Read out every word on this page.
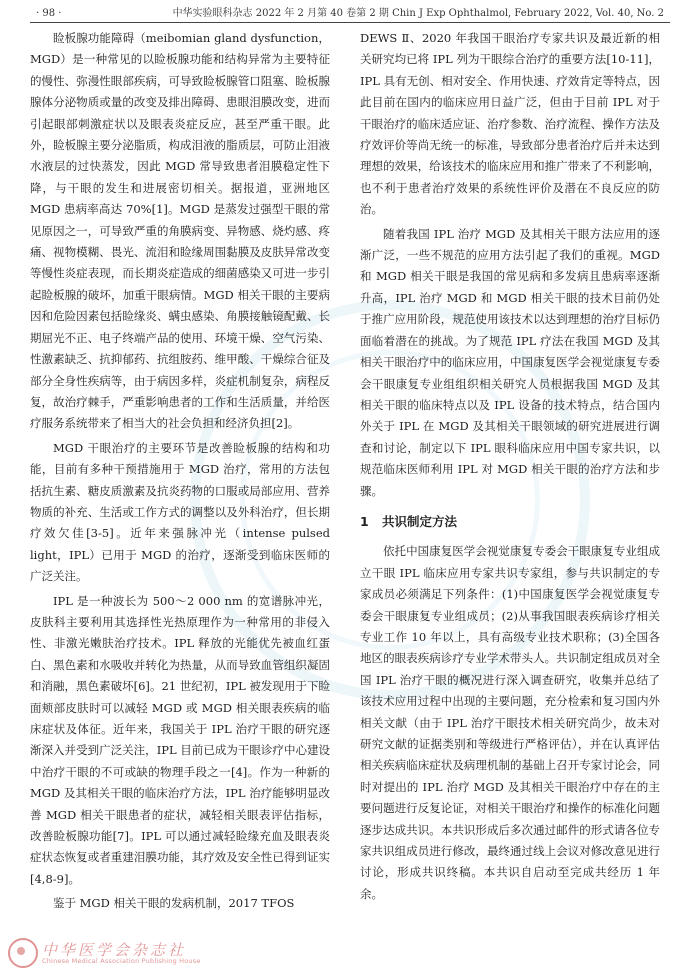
· 98 ·	中华实验眼科杂志 2022 年 2 月第 40 卷第 2 期 Chin J Exp Ophthalmol, February 2022, Vol. 40, No. 2

睑板腺功能障碍（meibomian gland dysfunction，MGD）是一种常见的以睑板腺功能和结构异常为主要特征的慢性、弥漫性眼部疾病，可导致睑板腺管口阻塞、睑板腺腺体分泌物质或量的改变及排出障碍、患眼泪膜改变，进而引起眼部刺激症状以及眼表炎症反应，甚至严重干眼。此外，睑板腺主要分泌脂质，构成泪液的脂质层，可防止泪液水液层的过快蒸发，因此 MGD 常导致患者泪膜稳定性下降，与干眼的发生和进展密切相关。据报道，亚洲地区 MGD 患病率高达 70%[1]。MGD 是蒸发过强型干眼的常见原因之一，可导致严重的角膜病变、异物感、烧灼感、疼痛、视物模糊、畏光、流泪和睑缘周围黏膜及皮肤异常改变等慢性炎症表现，而长期炎症造成的细菌感染又可进一步引起睑板腺的破坏，加重干眼病情。MGD 相关干眼的主要病因和危险因素包括睑缘炎、螨虫感染、角膜接触镜配戴、长期屈光不正、电子终端产品的使用、环境干燥、空气污染、性激素缺乏、抗抑郁药、抗组胺药、维甲酸、干燥综合征及部分全身性疾病等，由于病因多样，炎症机制复杂，病程反复，故治疗棘手，严重影响患者的工作和生活质量，并给医疗服务系统带来了相当大的社会负担和经济负担[2]。

MGD 干眼治疗的主要环节是改善睑板腺的结构和功能，目前有多种干预措施用于 MGD 治疗，常用的方法包括抗生素、糖皮质激素及抗炎药物的口服或局部应用、营养物质的补充、生活或工作方式的调整以及外科治疗，但长期疗效欠佳[3-5]。近年来强脉冲光（intense pulsed light，IPL）已用于 MGD 的治疗，逐渐受到临床医师的广泛关注。

IPL 是一种波长为 500～2 000 nm 的宽谱脉冲光，皮肤科主要利用其选择性光热原理作为一种常用的非侵入性、非激光嫩肤治疗技术。IPL 释放的光能优先被血红蛋白、黑色素和水吸收并转化为热量，从而导致血管组织凝固和消融，黑色素破坏[6]。21 世纪初，IPL 被发现用于下睑面颊部皮肤时可以减轻 MGD 或 MGD 相关眼表疾病的临床症状及体征。近年来，我国关于 IPL 治疗干眼的研究逐渐深入并受到广泛关注，IPL 目前已成为干眼诊疗中心建设中治疗干眼的不可或缺的物理手段之一[4]。作为一种新的 MGD 及其相关干眼的临床治疗方法，IPL 治疗能够明显改善 MGD 相关干眼患者的症状，减轻相关眼表评估指标，改善睑板腺功能[7]。IPL 可以通过减轻睑缘充血及眼表炎症状态恢复或者重建泪膜功能，其疗效及安全性已得到证实[4,8-9]。

鉴于 MGD 相关干眼的发病机制，2017 TFOS

DEWS Ⅱ、2020 年我国干眼治疗专家共识及最近新的相关研究均已将 IPL 列为干眼综合治疗的重要方法[10-11]，IPL 具有无创、相对安全、作用快速、疗效肯定等特点，因此目前在国内的临床应用日益广泛，但由于目前 IPL 对于干眼治疗的临床适应证、治疗参数、治疗流程、操作方法及疗效评价等尚无统一的标准，导致部分患者治疗后并未达到理想的效果，给该技术的临床应用和推广带来了不利影响，也不利于患者治疗效果的系统性评价及潜在不良反应的防治。

随着我国 IPL 治疗 MGD 及其相关干眼方法应用的逐渐广泛，一些不规范的应用方法引起了我们的重视。MGD 和 MGD 相关干眼是我国的常见病和多发病且患病率逐渐升高，IPL 治疗 MGD 和 MGD 相关干眼的技术目前仍处于推广应用阶段，规范使用该技术以达到理想的治疗目标仍面临着潜在的挑战。为了规范 IPL 疗法在我国 MGD 及其相关干眼治疗中的临床应用，中国康复医学会视觉康复专委会干眼康复专业组组织相关研究人员根据我国 MGD 及其相关干眼的临床特点以及 IPL 设备的技术特点，结合国内外关于 IPL 在 MGD 及其相关干眼领域的研究进展进行调查和讨论，制定以下 IPL 眼科临床应用中国专家共识，以规范临床医师利用 IPL 对 MGD 相关干眼的治疗方法和步骤。

1 共识制定方法

依托中国康复医学会视觉康复专委会干眼康复专业组成立干眼 IPL 临床应用专家共识专家组，参与共识制定的专家成员必须满足下列条件：(1)中国康复医学会视觉康复专委会干眼康复专业组成员；(2)从事我国眼表疾病诊疗相关专业工作 10 年以上，具有高级专业技术职称；(3)全国各地区的眼表疾病诊疗专业学术带头人。共识制定组成员对全国 IPL 治疗干眼的概况进行深入调查研究，收集并总结了该技术应用过程中出现的主要问题，充分检索和复习国内外相关文献（由于 IPL 治疗干眼技术相关研究尚少，故未对研究文献的证据类别和等级进行严格评估），并在认真评估相关疾病临床症状及病理机制的基础上召开专家讨论会，同时对提出的 IPL 治疗 MGD 及其相关干眼治疗中存在的主要问题进行反复论证，对相关干眼治疗和操作的标准化问题逐步达成共识。本共识形成后多次通过邮件的形式请各位专家共识组成员进行修改，最终通过线上会议对修改意见进行讨论，形成共识终稿。本共识自启动至完成共经历 1 年余。

中华医学会杂志社
Chinese Medical Association Publishing House
